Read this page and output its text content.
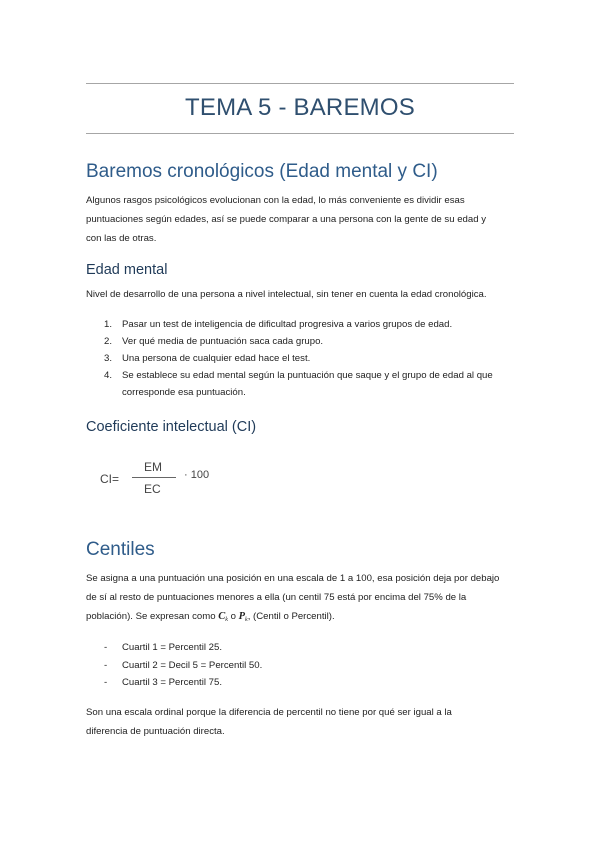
TEMA 5 - BAREMOS
Baremos cronológicos (Edad mental y CI)
Algunos rasgos psicológicos evolucionan con la edad, lo más conveniente es dividir esas
puntuaciones según edades, así se puede comparar a una persona con la gente de su edad y
con las de otras.
Edad mental
Nivel de desarrollo de una persona a nivel intelectual, sin tener en cuenta la edad cronológica.
1. Pasar un test de inteligencia de dificultad progresiva a varios grupos de edad.
2. Ver qué media de puntuación saca cada grupo.
3. Una persona de cualquier edad hace el test.
4. Se establece su edad mental según la puntuación que saque y el grupo de edad al que
corresponde esa puntuación.
Coeficiente intelectual (CI)
CI=
EM
EC
· 100
Centiles
Se asigna a una puntuación una posición en una escala de 1 a 100, esa posición deja por debajo
de sí al resto de puntuaciones menores a ella (un centil 75 está por encima del 75% de la
población). Se expresan como $C_k$ o $P_k$, (Centil o Percentil).
- Cuartil 1 = Percentil 25.
- Cuartil 2 = Decil 5 = Percentil 50.
- Cuartil 3 = Percentil 75.
Son una escala ordinal porque la diferencia de percentil no tiene por qué ser igual a la
diferencia de puntuación directa.
